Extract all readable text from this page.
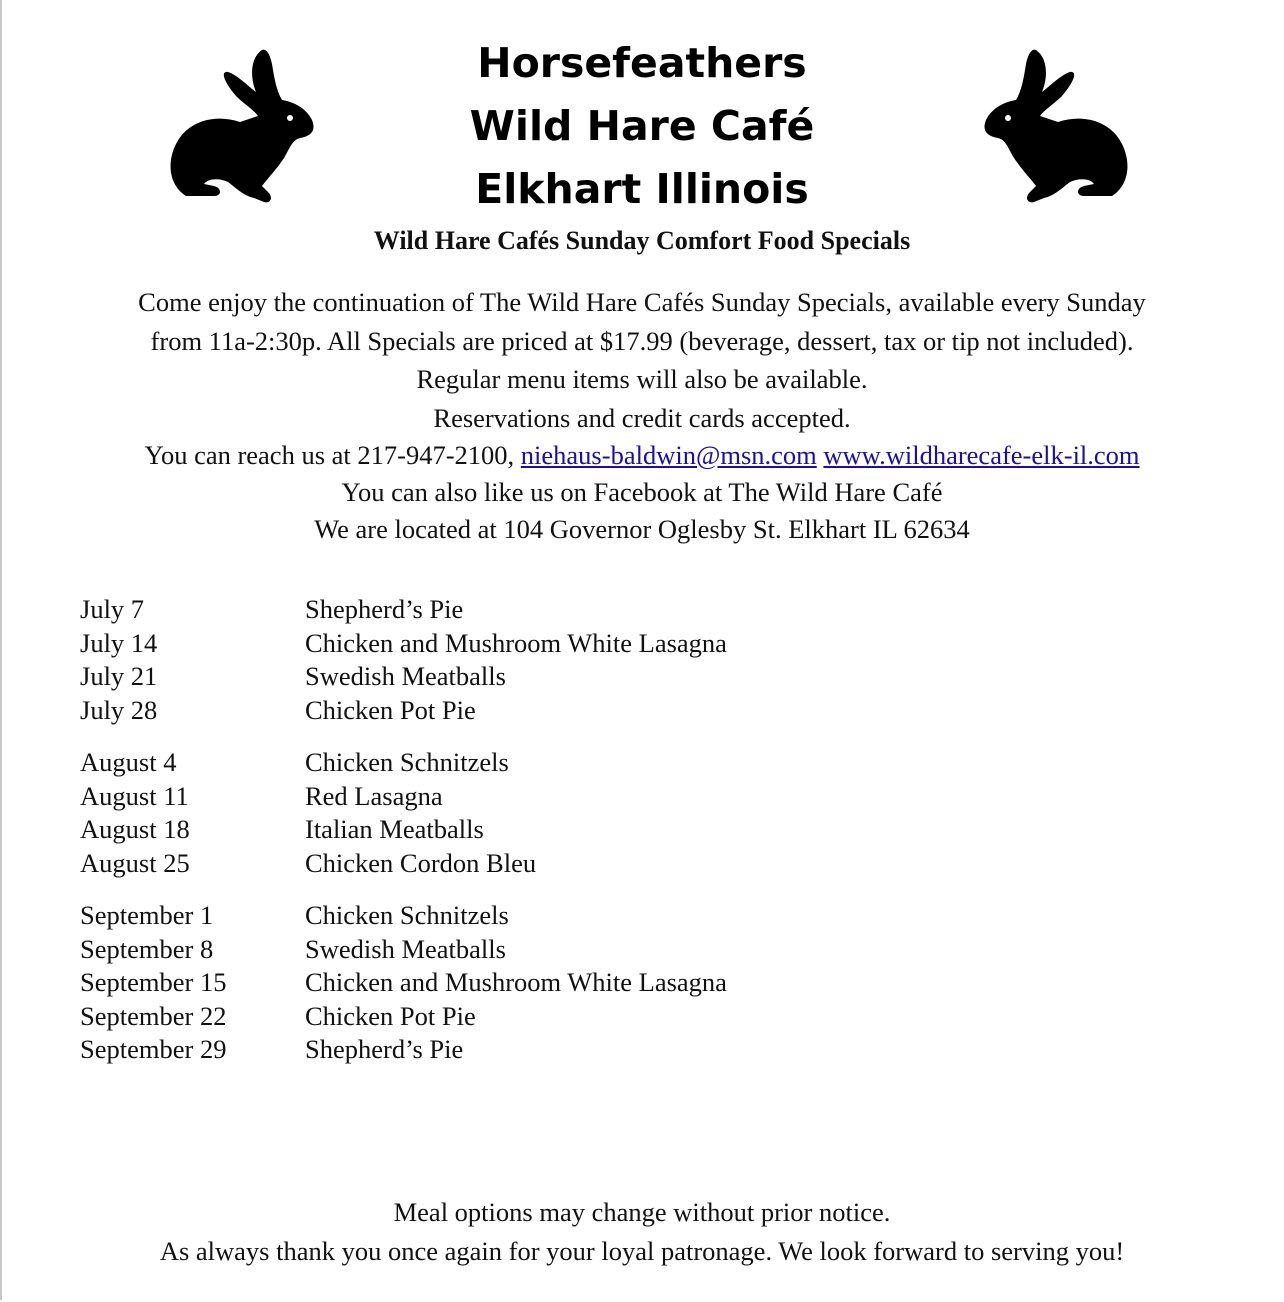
Horsefeathers
Wild Hare Café
Elkhart Illinois
Wild Hare Cafés Sunday Comfort Food Specials
Come enjoy the continuation of The Wild Hare Cafés Sunday Specials, available every Sunday
from 11a-2:30p. All Specials are priced at $17.99 (beverage, dessert, tax or tip not included).
Regular menu items will also be available.
Reservations and credit cards accepted.
You can reach us at 217-947-2100, niehaus-baldwin@msn.com www.wildharecafe-elk-il.com
You can also like us on Facebook at The Wild Hare Café
We are located at 104 Governor Oglesby St. Elkhart IL 62634
July 7	Shepherd’s Pie
July 14	Chicken and Mushroom White Lasagna
July 21	Swedish Meatballs
July 28	Chicken Pot Pie
August 4	Chicken Schnitzels
August 11	Red Lasagna
August 18	Italian Meatballs
August 25	Chicken Cordon Bleu
September 1	Chicken Schnitzels
September 8	Swedish Meatballs
September 15	Chicken and Mushroom White Lasagna
September 22	Chicken Pot Pie
September 29	Shepherd’s Pie
Meal options may change without prior notice.
As always thank you once again for your loyal patronage. We look forward to serving you!
